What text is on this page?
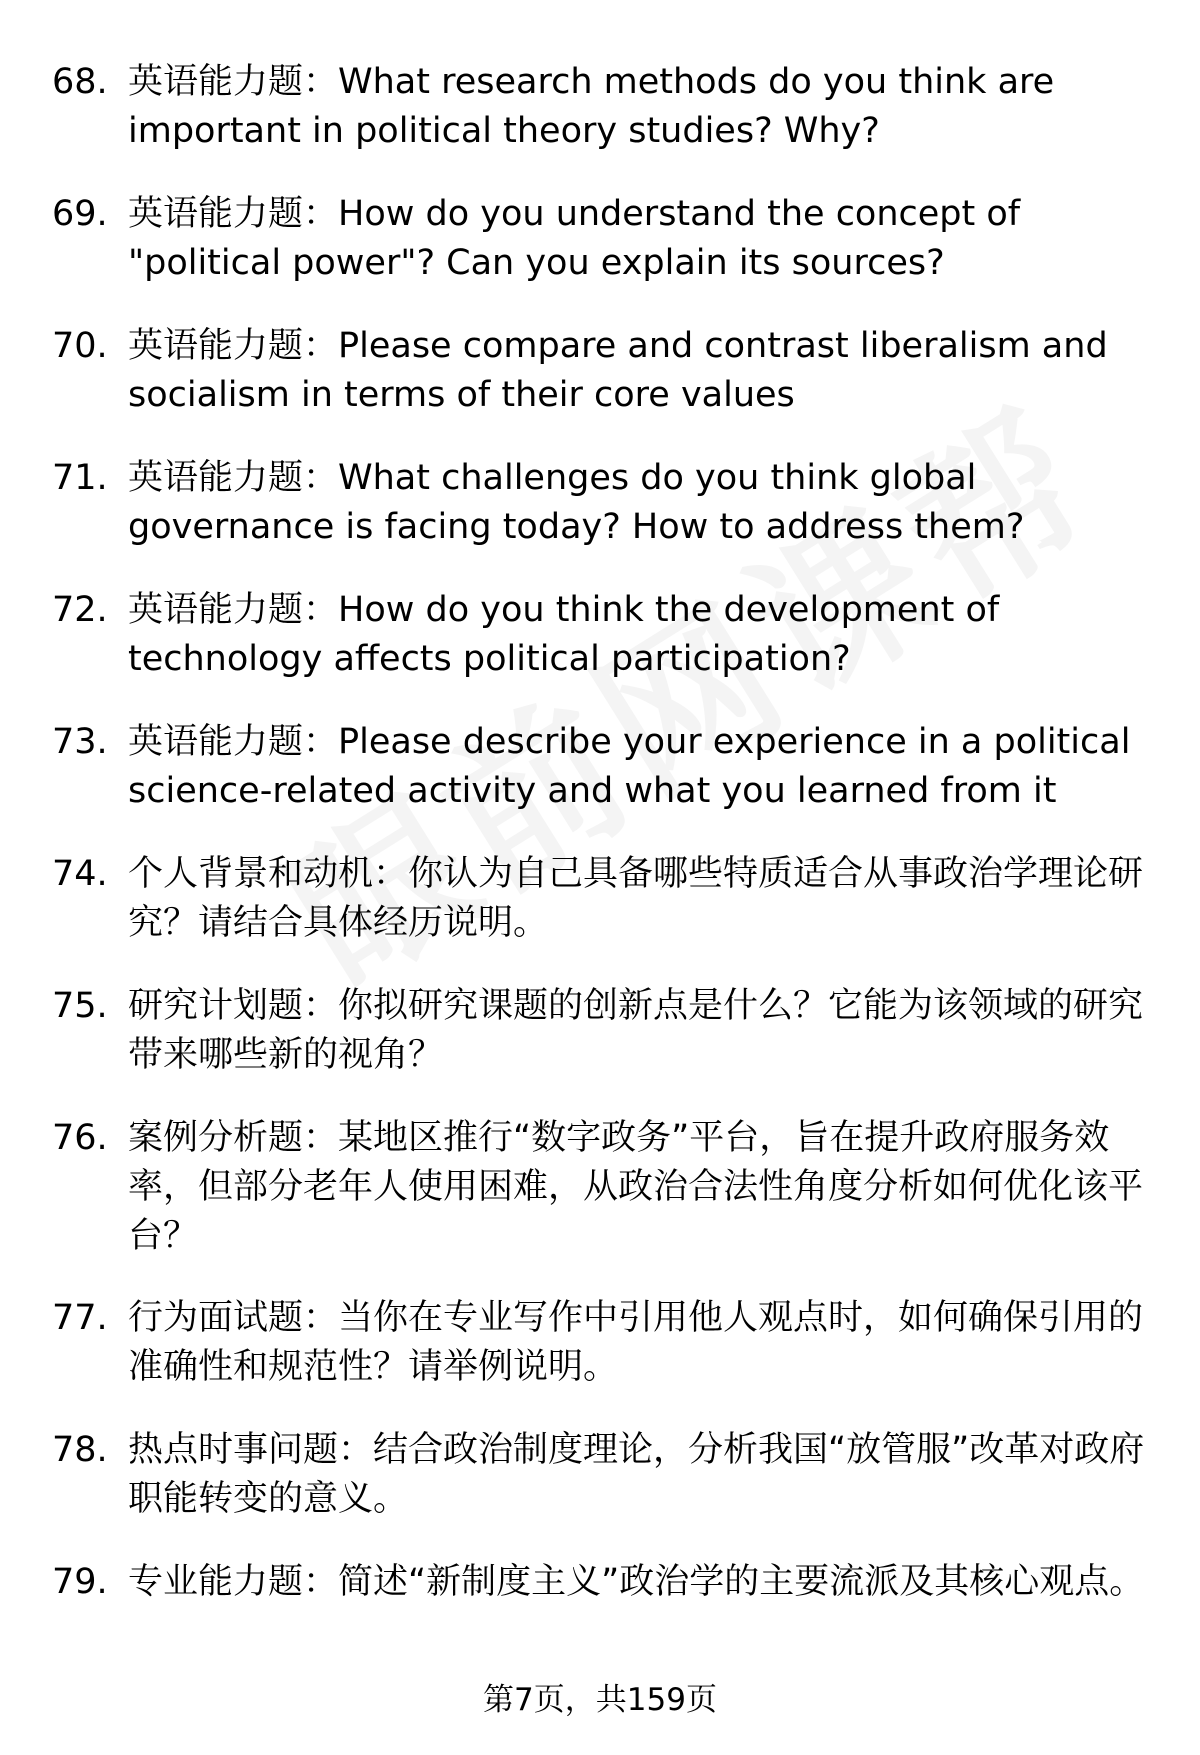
68. 英语能力题：What research methods do you think are important in political theory studies? Why?
69. 英语能力题：How do you understand the concept of "political power"? Can you explain its sources?
70. 英语能力题：Please compare and contrast liberalism and socialism in terms of their core values
71. 英语能力题：What challenges do you think global governance is facing today? How to address them?
72. 英语能力题：How do you think the development of technology affects political participation?
73. 英语能力题：Please describe your experience in a political science-related activity and what you learned from it
74. 个人背景和动机：你认为自己具备哪些特质适合从事政治学理论研究？请结合具体经历说明。
75. 研究计划题：你拟研究课题的创新点是什么？它能为该领域的研究带来哪些新的视角？
76. 案例分析题：某地区推行“数字政务”平台，旨在提升政府服务效率，但部分老年人使用困难，从政治合法性角度分析如何优化该平台？
77. 行为面试题：当你在专业写作中引用他人观点时，如何确保引用的准确性和规范性？请举例说明。
78. 热点时事问题：结合政治制度理论，分析我国“放管服”改革对政府职能转变的意义。
79. 专业能力题：简述“新制度主义”政治学的主要流派及其核心观点。
第7页，共159页
